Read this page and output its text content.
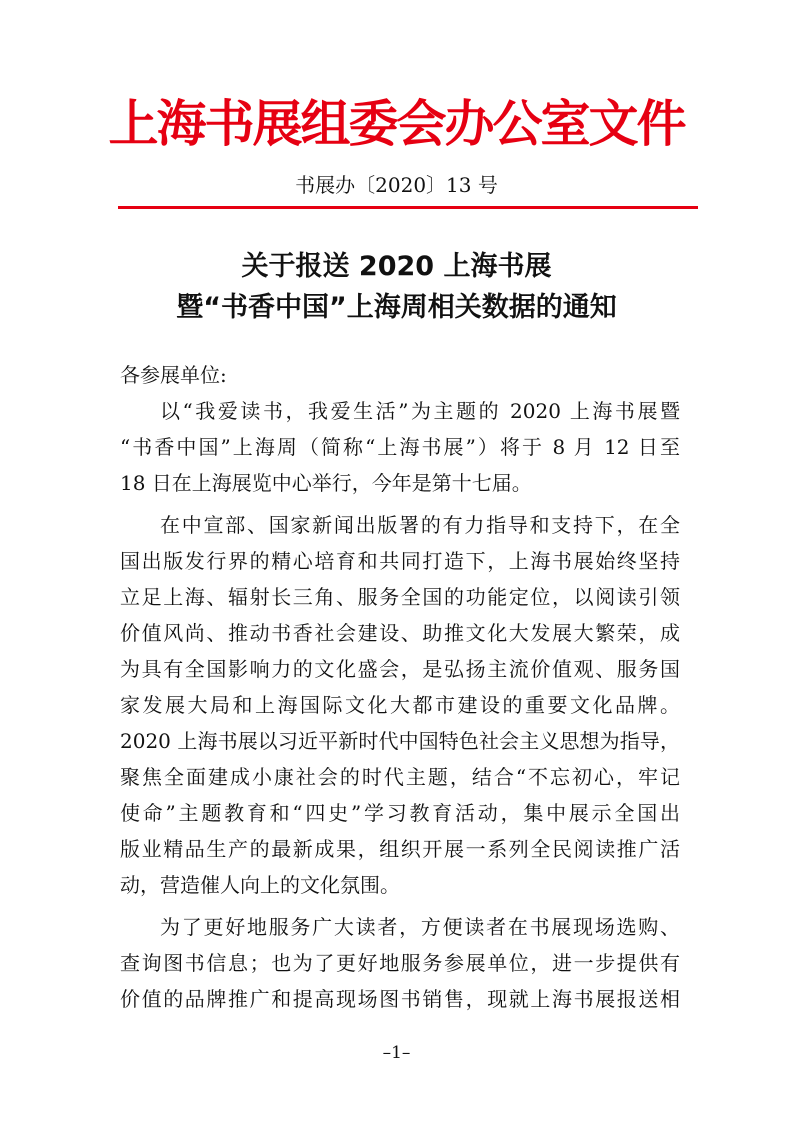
上海书展组委会办公室文件
书展办〔2020〕13 号
关于报送 2020 上海书展
暨“书香中国”上海周相关数据的通知
各参展单位:
以“我爱读书，我爱生活”为主题的 2020 上海书展暨
“书香中国”上海周（简称“上海书展”）将于 8 月 12 日至
18 日在上海展览中心举行，今年是第十七届。
在中宣部、国家新闻出版署的有力指导和支持下，在全
国出版发行界的精心培育和共同打造下，上海书展始终坚持
立足上海、辐射长三角、服务全国的功能定位，以阅读引领
价值风尚、推动书香社会建设、助推文化大发展大繁荣，成
为具有全国影响力的文化盛会，是弘扬主流价值观、服务国
家发展大局和上海国际文化大都市建设的重要文化品牌。
2020 上海书展以习近平新时代中国特色社会主义思想为指导，
聚焦全面建成小康社会的时代主题，结合“不忘初心，牢记
使命”主题教育和“四史”学习教育活动，集中展示全国出
版业精品生产的最新成果，组织开展一系列全民阅读推广活
动，营造催人向上的文化氛围。
为了更好地服务广大读者，方便读者在书展现场选购、
查询图书信息；也为了更好地服务参展单位，进一步提供有
价值的品牌推广和提高现场图书销售，现就上海书展报送相
–1–
